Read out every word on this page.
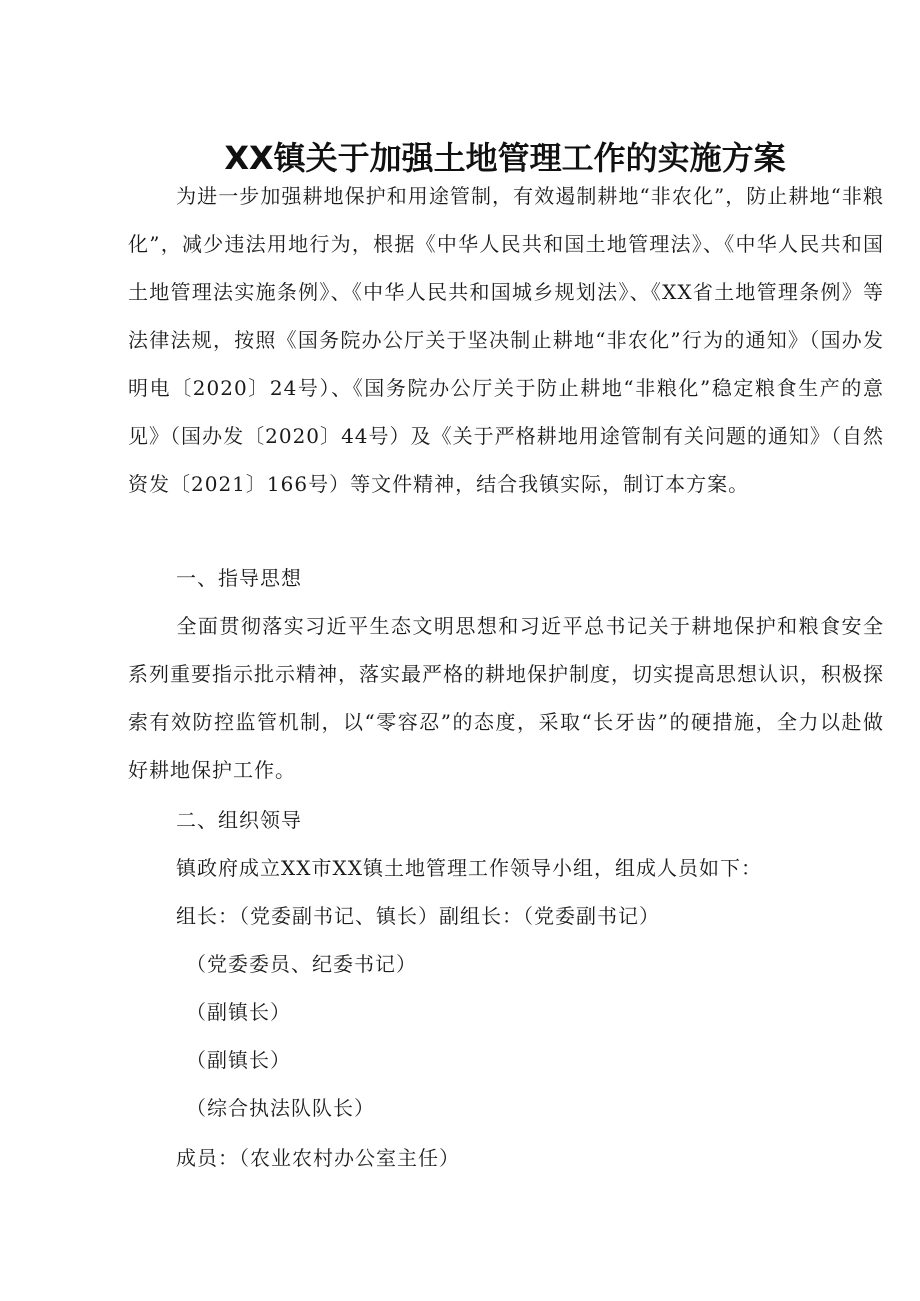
XX镇关于加强土地管理工作的实施方案

为进一步加强耕地保护和用途管制，有效遏制耕地“非农化”，防止耕地“非粮化”，减少违法用地行为，根据《中华人民共和国土地管理法》、《中华人民共和国土地管理法实施条例》、《中华人民共和国城乡规划法》、《XX省土地管理条例》等法律法规，按照《国务院办公厅关于坚决制止耕地“非农化”行为的通知》（国办发明电〔2020〕24号）、《国务院办公厅关于防止耕地“非粮化”稳定粮食生产的意见》（国办发〔2020〕44号）及《关于严格耕地用途管制有关问题的通知》（自然资发〔2021〕166号）等文件精神，结合我镇实际，制订本方案。

一、指导思想

全面贯彻落实习近平生态文明思想和习近平总书记关于耕地保护和粮食安全系列重要指示批示精神，落实最严格的耕地保护制度，切实提高思想认识，积极探索有效防控监管机制，以“零容忍”的态度，采取“长牙齿”的硬措施，全力以赴做好耕地保护工作。

二、组织领导

镇政府成立XX市XX镇土地管理工作领导小组，组成人员如下：

组长：（党委副书记、镇长）副组长：（党委副书记）

（党委委员、纪委书记）

（副镇长）

（副镇长）

（综合执法队队长）

成员：（农业农村办公室主任）
